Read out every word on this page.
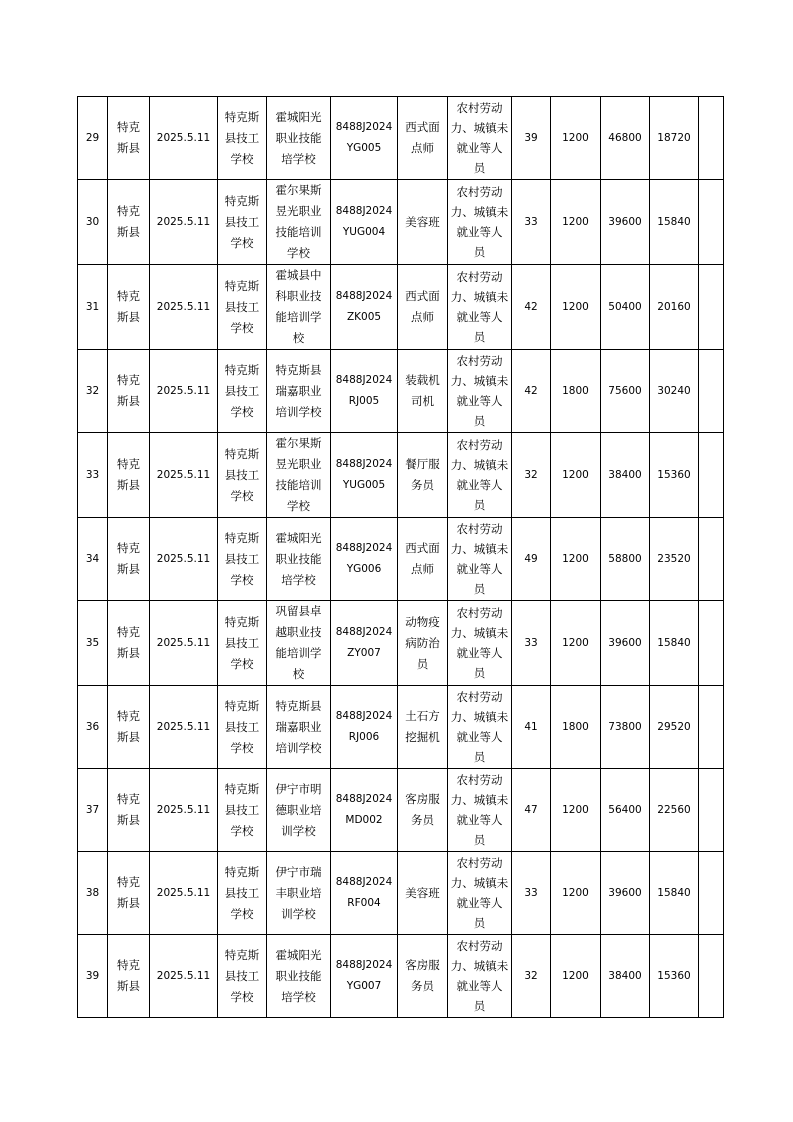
29	特克
斯县	2025.5.11	特克斯
县技工
学校	霍城阳光
职业技能
培学校	8488J2024
YG005	西式面
点师	农村劳动
力、城镇未
就业等人
员	39	1200	46800	18720	
30	特克
斯县	2025.5.11	特克斯
县技工
学校	霍尔果斯
昱光职业
技能培训
学校	8488J2024
YUG004	美容班	农村劳动
力、城镇未
就业等人
员	33	1200	39600	15840	
31	特克
斯县	2025.5.11	特克斯
县技工
学校	霍城县中
科职业技
能培训学
校	8488J2024
ZK005	西式面
点师	农村劳动
力、城镇未
就业等人
员	42	1200	50400	20160	
32	特克
斯县	2025.5.11	特克斯
县技工
学校	特克斯县
瑞嘉职业
培训学校	8488J2024
RJ005	装载机
司机	农村劳动
力、城镇未
就业等人
员	42	1800	75600	30240	
33	特克
斯县	2025.5.11	特克斯
县技工
学校	霍尔果斯
昱光职业
技能培训
学校	8488J2024
YUG005	餐厅服
务员	农村劳动
力、城镇未
就业等人
员	32	1200	38400	15360	
34	特克
斯县	2025.5.11	特克斯
县技工
学校	霍城阳光
职业技能
培学校	8488J2024
YG006	西式面
点师	农村劳动
力、城镇未
就业等人
员	49	1200	58800	23520	
35	特克
斯县	2025.5.11	特克斯
县技工
学校	巩留县卓
越职业技
能培训学
校	8488J2024
ZY007	动物疫
病防治
员	农村劳动
力、城镇未
就业等人
员	33	1200	39600	15840	
36	特克
斯县	2025.5.11	特克斯
县技工
学校	特克斯县
瑞嘉职业
培训学校	8488J2024
RJ006	土石方
挖掘机	农村劳动
力、城镇未
就业等人
员	41	1800	73800	29520	
37	特克
斯县	2025.5.11	特克斯
县技工
学校	伊宁市明
德职业培
训学校	8488J2024
MD002	客房服
务员	农村劳动
力、城镇未
就业等人
员	47	1200	56400	22560	
38	特克
斯县	2025.5.11	特克斯
县技工
学校	伊宁市瑞
丰职业培
训学校	8488J2024
RF004	美容班	农村劳动
力、城镇未
就业等人
员	33	1200	39600	15840	
39	特克
斯县	2025.5.11	特克斯
县技工
学校	霍城阳光
职业技能
培学校	8488J2024
YG007	客房服
务员	农村劳动
力、城镇未
就业等人
员	32	1200	38400	15360	
